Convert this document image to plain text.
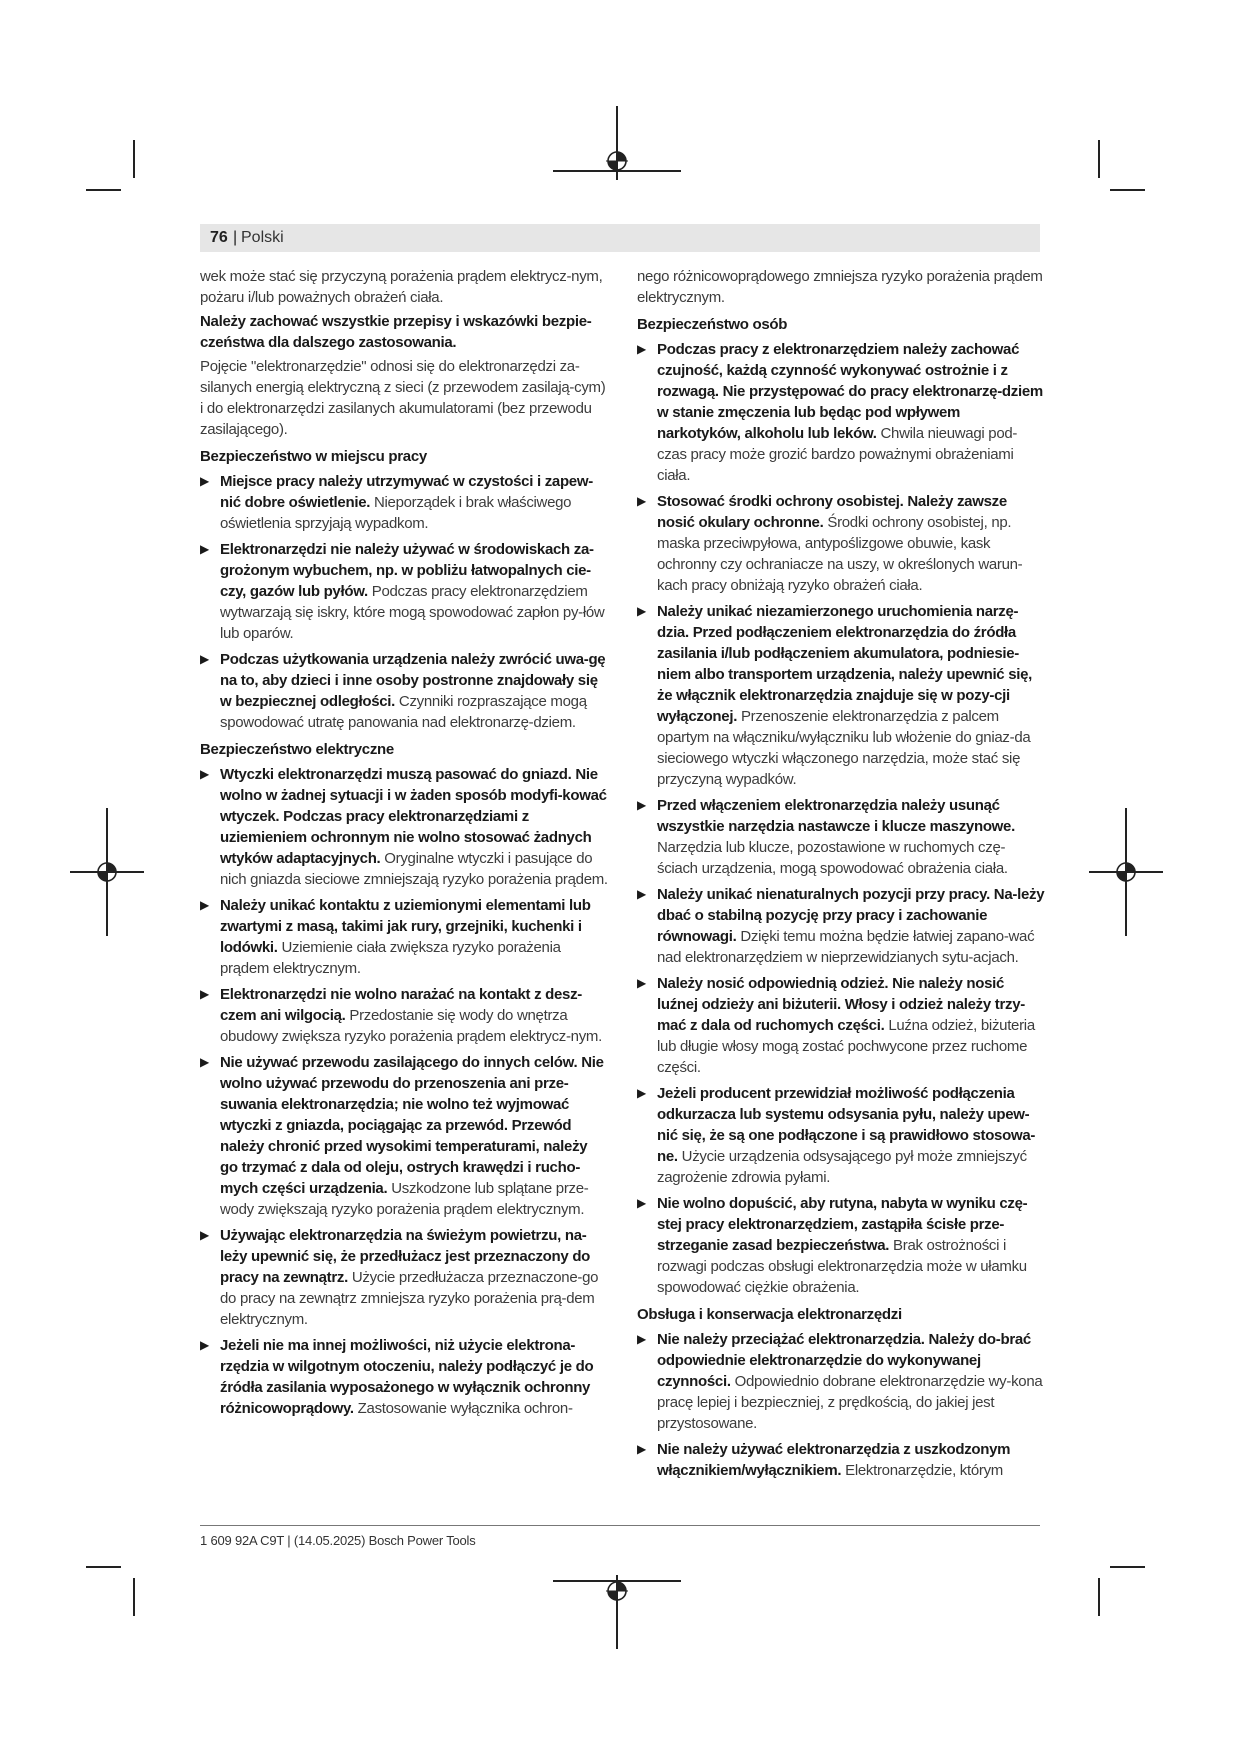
76 | Polski

wek może stać się przyczyną porażenia prądem elektrycz-nym, pożaru i/lub poważnych obrażeń ciała.

Należy zachować wszystkie przepisy i wskazówki bezpie-czeństwa dla dalszego zastosowania.

Pojęcie "elektronarzędzie" odnosi się do elektronarzędzi za-silanych energią elektryczną z sieci (z przewodem zasilają-cym) i do elektronarzędzi zasilanych akumulatorami (bez przewodu zasilającego).

Bezpieczeństwo w miejscu pracy
▶ Miejsce pracy należy utrzymywać w czystości i zapew-nić dobre oświetlenie. Nieporządek i brak właściwego oświetlenia sprzyjają wypadkom.
▶ Elektronarzędzi nie należy używać w środowiskach za-grożonym wybuchem, np. w pobliżu łatwopalnych cie-czy, gazów lub pyłów. Podczas pracy elektronarzędziem wytwarzają się iskry, które mogą spowodować zapłon py-łów lub oparów.
▶ Podczas użytkowania urządzenia należy zwrócić uwa-gę na to, aby dzieci i inne osoby postronne znajdowały się w bezpiecznej odległości. Czynniki rozpraszające mogą spowodować utratę panowania nad elektronarzę-dziem.
Bezpieczeństwo elektryczne
▶ Wtyczki elektronarzędzi muszą pasować do gniazd. Nie wolno w żadnej sytuacji i w żaden sposób modyfi-kować wtyczek. Podczas pracy elektronarzędziami z uziemieniem ochronnym nie wolno stosować żadnych wtyków adaptacyjnych. Oryginalne wtyczki i pasujące do nich gniazda sieciowe zmniejszają ryzyko porażenia prądem.
▶ Należy unikać kontaktu z uziemionymi elementami lub zwartymi z masą, takimi jak rury, grzejniki, kuchenki i lodówki. Uziemienie ciała zwiększa ryzyko porażenia prądem elektrycznym.
▶ Elektronarzędzi nie wolno narażać na kontakt z desz-czem ani wilgocią. Przedostanie się wody do wnętrza obudowy zwiększa ryzyko porażenia prądem elektrycz-nym.
▶ Nie używać przewodu zasilającego do innych celów. Nie wolno używać przewodu do przenoszenia ani prze-suwania elektronarzędzia; nie wolno też wyjmować wtyczki z gniazda, pociągając za przewód. Przewód należy chronić przed wysokimi temperaturami, należy go trzymać z dala od oleju, ostrych krawędzi i rucho-mych części urządzenia. Uszkodzone lub splątane prze-wody zwiększają ryzyko porażenia prądem elektrycznym.
▶ Używając elektronarzędzia na świeżym powietrzu, na-leży upewnić się, że przedłużacz jest przeznaczony do pracy na zewnątrz. Użycie przedłużacza przeznaczone-go do pracy na zewnątrz zmniejsza ryzyko porażenia prą-dem elektrycznym.
▶ Jeżeli nie ma innej możliwości, niż użycie elektrona-rzędzia w wilgotnym otoczeniu, należy podłączyć je do źródła zasilania wyposażonego w wyłącznik ochronny różnicowoprądowy. Zastosowanie wyłącznika ochron-

nego różnicowoprądowego zmniejsza ryzyko porażenia prądem elektrycznym.

Bezpieczeństwo osób
▶ Podczas pracy z elektronarzędziem należy zachować czujność, każdą czynność wykonywać ostrożnie i z rozwagą. Nie przystępować do pracy elektronarzę-dziem w stanie zmęczenia lub będąc pod wpływem narkotyków, alkoholu lub leków. Chwila nieuwagi pod-czas pracy może grozić bardzo poważnymi obrażeniami ciała.
▶ Stosować środki ochrony osobistej. Należy zawsze nosić okulary ochronne. Środki ochrony osobistej, np. maska przeciwpyłowa, antypoślizgowe obuwie, kask ochronny czy ochraniacze na uszy, w określonych warun-kach pracy obniżają ryzyko obrażeń ciała.
▶ Należy unikać niezamierzonego uruchomienia narzę-dzia. Przed podłączeniem elektronarzędzia do źródła zasilania i/lub podłączeniem akumulatora, podniesie-niem albo transportem urządzenia, należy upewnić się, że włącznik elektronarzędzia znajduje się w pozy-cji wyłączonej. Przenoszenie elektronarzędzia z palcem opartym na włączniku/wyłączniku lub włożenie do gniaz-da sieciowego wtyczki włączonego narzędzia, może stać się przyczyną wypadków.
▶ Przed włączeniem elektronarzędzia należy usunąć wszystkie narzędzia nastawcze i klucze maszynowe. Narzędzia lub klucze, pozostawione w ruchomych czę-ściach urządzenia, mogą spowodować obrażenia ciała.
▶ Należy unikać nienaturalnych pozycji przy pracy. Na-leży dbać o stabilną pozycję przy pracy i zachowanie równowagi. Dzięki temu można będzie łatwiej zapano-wać nad elektronarzędziem w nieprzewidzianych sytu-acjach.
▶ Należy nosić odpowiednią odzież. Nie należy nosić luźnej odzieży ani biżuterii. Włosy i odzież należy trzy-mać z dala od ruchomych części. Luźna odzież, biżuteria lub długie włosy mogą zostać pochwycone przez ruchome części.
▶ Jeżeli producent przewidział możliwość podłączenia odkurzacza lub systemu odsysania pyłu, należy upew-nić się, że są one podłączone i są prawidłowo stosowa-ne. Użycie urządzenia odsysającego pył może zmniejszyć zagrożenie zdrowia pyłami.
▶ Nie wolno dopuścić, aby rutyna, nabyta w wyniku czę-stej pracy elektronarzędziem, zastąpiła ścisłe prze-strzeganie zasad bezpieczeństwa. Brak ostrożności i rozwagi podczas obsługi elektronarzędzia może w ułamku spowodować ciężkie obrażenia.
Obsługa i konserwacja elektronarzędzi
▶ Nie należy przeciążać elektronarzędzia. Należy do-brać odpowiednie elektronarzędzie do wykonywanej czynności. Odpowiednio dobrane elektronarzędzie wy-kona pracę lepiej i bezpieczniej, z prędkością, do jakiej jest przystosowane.
▶ Nie należy używać elektronarzędzia z uszkodzonym włącznikiem/wyłącznikiem. Elektronarzędzie, którym
1 609 92A C9T | (14.05.2025) Bosch Power Tools
